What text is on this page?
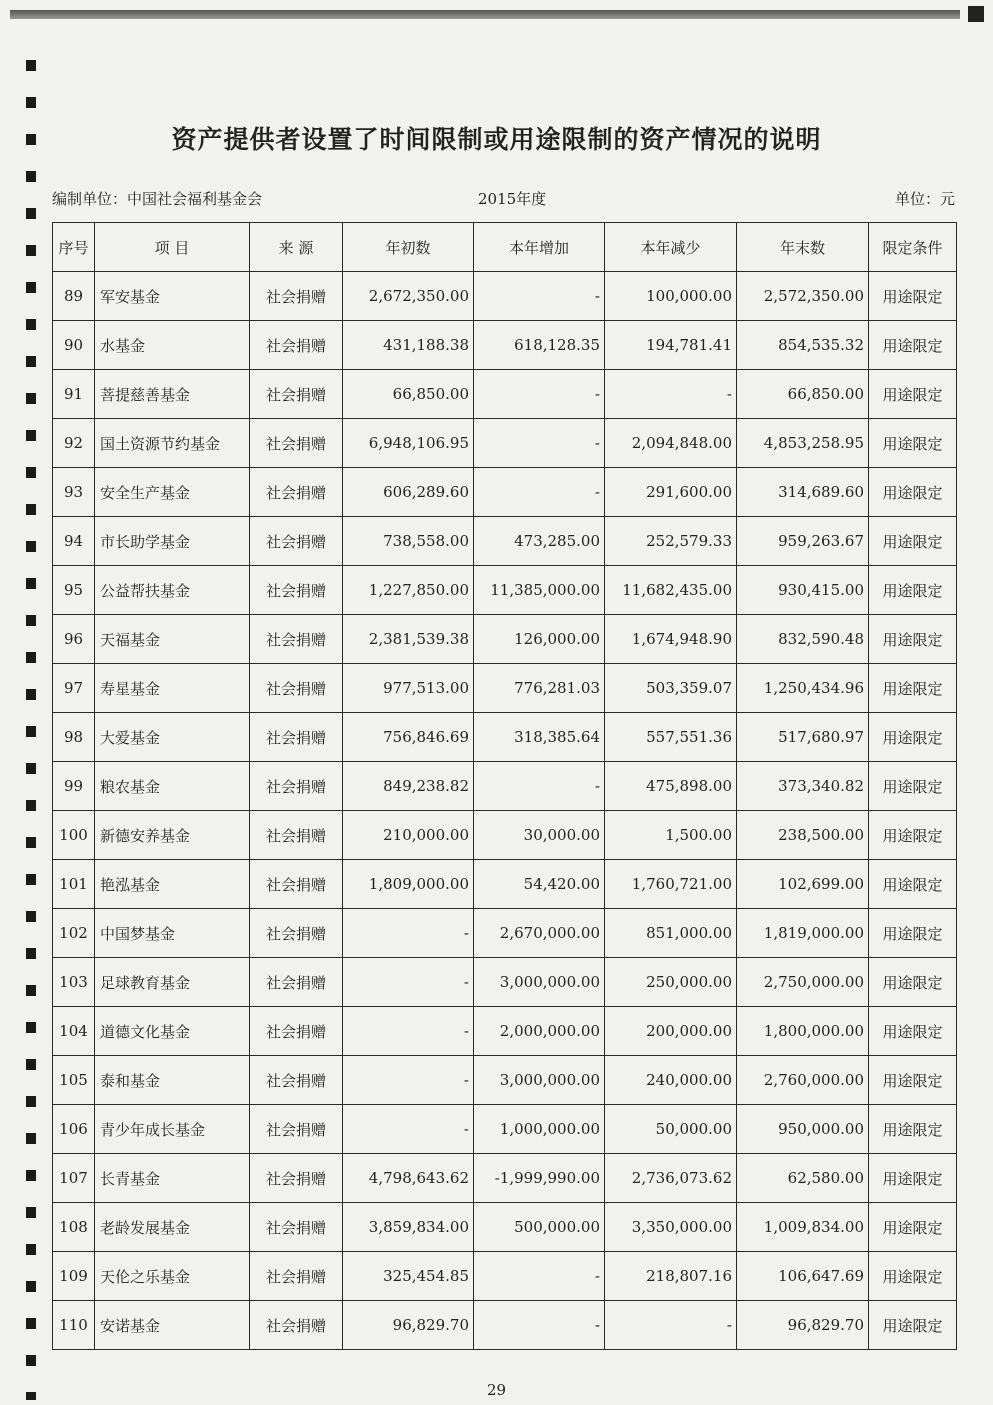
资产提供者设置了时间限制或用途限制的资产情况的说明
编制单位：中国社会福利基金会	2015年度	单位：元
序号	项 目	来 源	年初数	本年增加	本年减少	年末数	限定条件
89	军安基金	社会捐赠	2,672,350.00	-	100,000.00	2,572,350.00	用途限定
90	水基金	社会捐赠	431,188.38	618,128.35	194,781.41	854,535.32	用途限定
91	菩提慈善基金	社会捐赠	66,850.00	-	-	66,850.00	用途限定
92	国土资源节约基金	社会捐赠	6,948,106.95	-	2,094,848.00	4,853,258.95	用途限定
93	安全生产基金	社会捐赠	606,289.60	-	291,600.00	314,689.60	用途限定
94	市长助学基金	社会捐赠	738,558.00	473,285.00	252,579.33	959,263.67	用途限定
95	公益帮扶基金	社会捐赠	1,227,850.00	11,385,000.00	11,682,435.00	930,415.00	用途限定
96	天福基金	社会捐赠	2,381,539.38	126,000.00	1,674,948.90	832,590.48	用途限定
97	寿星基金	社会捐赠	977,513.00	776,281.03	503,359.07	1,250,434.96	用途限定
98	大爱基金	社会捐赠	756,846.69	318,385.64	557,551.36	517,680.97	用途限定
99	粮农基金	社会捐赠	849,238.82	-	475,898.00	373,340.82	用途限定
100	新德安养基金	社会捐赠	210,000.00	30,000.00	1,500.00	238,500.00	用途限定
101	艳泓基金	社会捐赠	1,809,000.00	54,420.00	1,760,721.00	102,699.00	用途限定
102	中国梦基金	社会捐赠	-	2,670,000.00	851,000.00	1,819,000.00	用途限定
103	足球教育基金	社会捐赠	-	3,000,000.00	250,000.00	2,750,000.00	用途限定
104	道德文化基金	社会捐赠	-	2,000,000.00	200,000.00	1,800,000.00	用途限定
105	泰和基金	社会捐赠	-	3,000,000.00	240,000.00	2,760,000.00	用途限定
106	青少年成长基金	社会捐赠	-	1,000,000.00	50,000.00	950,000.00	用途限定
107	长青基金	社会捐赠	4,798,643.62	-1,999,990.00	2,736,073.62	62,580.00	用途限定
108	老龄发展基金	社会捐赠	3,859,834.00	500,000.00	3,350,000.00	1,009,834.00	用途限定
109	天伦之乐基金	社会捐赠	325,454.85	-	218,807.16	106,647.69	用途限定
110	安诺基金	社会捐赠	96,829.70	-	-	96,829.70	用途限定
29
